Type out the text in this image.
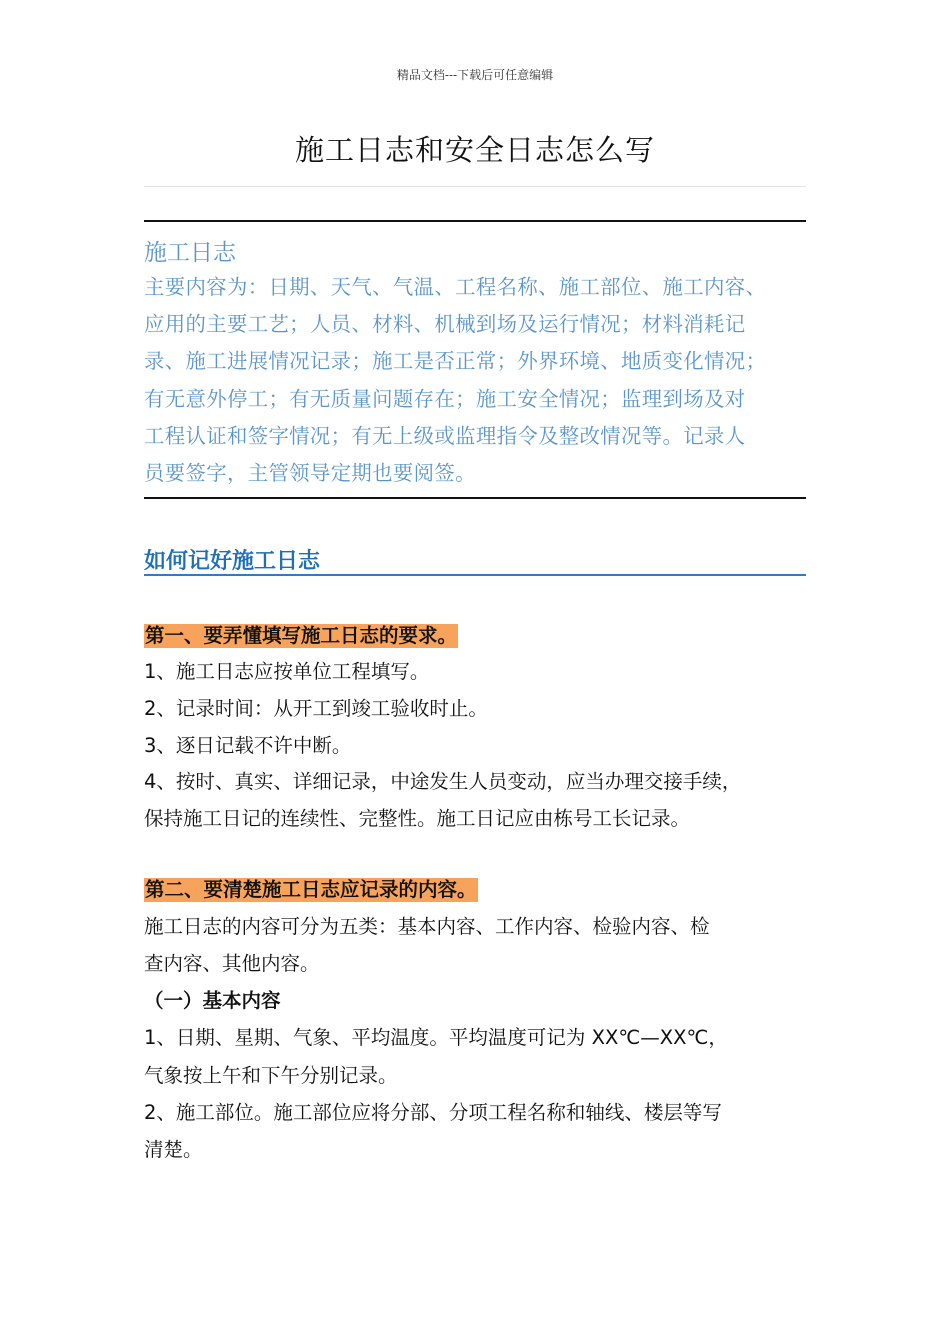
精品文档---下载后可任意编辑
施工日志和安全日志怎么写
施工日志
主要内容为：日期、天气、气温、工程名称、施工部位、施工内容、
应用的主要工艺；人员、材料、机械到场及运行情况；材料消耗记
录、施工进展情况记录；施工是否正常；外界环境、地质变化情况；
有无意外停工；有无质量问题存在；施工安全情况；监理到场及对
工程认证和签字情况；有无上级或监理指令及整改情况等。记录人
员要签字，主管领导定期也要阅签。
如何记好施工日志
第一、要弄懂填写施工日志的要求。
1、施工日志应按单位工程填写。
2、记录时间：从开工到竣工验收时止。
3、逐日记载不许中断。
4、按时、真实、详细记录，中途发生人员变动，应当办理交接手续，
保持施工日记的连续性、完整性。施工日记应由栋号工长记录。
第二、要清楚施工日志应记录的内容。
施工日志的内容可分为五类：基本内容、工作内容、检验内容、检
查内容、其他内容。
（一）基本内容
1、日期、星期、气象、平均温度。平均温度可记为 XX℃—XX℃，
气象按上午和下午分别记录。
2、施工部位。施工部位应将分部、分项工程名称和轴线、楼层等写
清楚。
